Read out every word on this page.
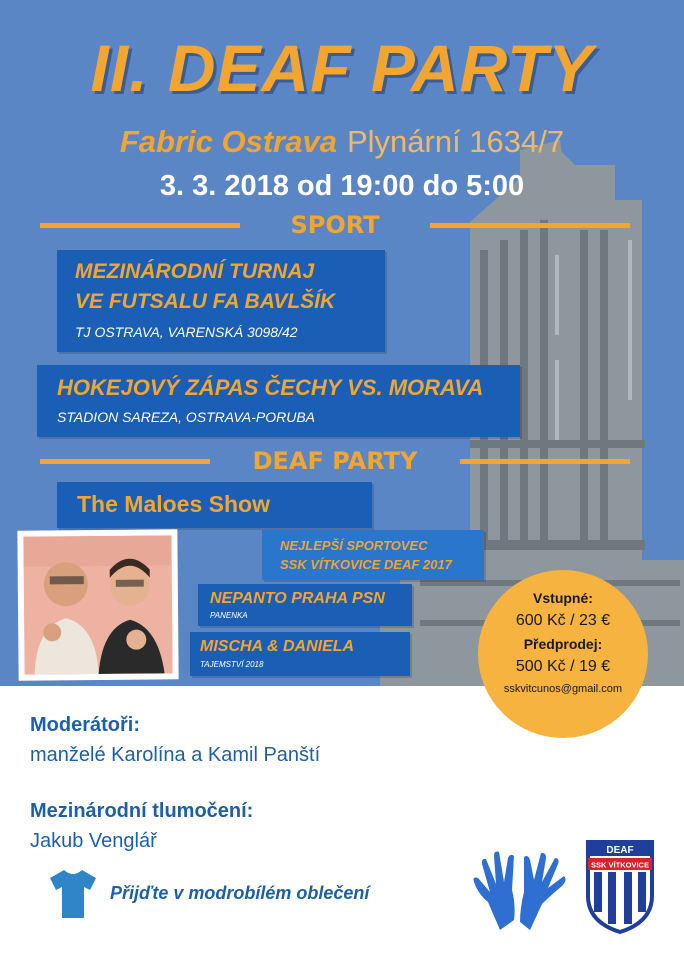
II. DEAF PARTY
Fabric Ostrava Plynární 1634/7
3. 3. 2018 od 19:00 do 5:00
SPORT
MEZINÁRODNÍ TURNAJ
VE FUTSALU FA BAVLŠÍK
TJ OSTRAVA, VARENSKÁ 3098/42
HOKEJOVÝ ZÁPAS ČECHY VS. MORAVA
STADION SAREZA, OSTRAVA-PORUBA
DEAF PARTY
The Maloes Show
NEJLEPŠÍ SPORTOVEC
SSK VÍTKOVICE DEAF 2017
NEPANTO PRAHA PSN
PANENKA
MISCHA & DANIELA
TAJEMSTVÍ 2018
Vstupné:
600 Kč / 23 €
Předprodej:
500 Kč / 19 €
sskvitcunos@gmail.com
Moderátoři:
manželé Karolína a Kamil Panští
Mezinárodní tlumočení:
Jakub Venglář
Přijďte v modrobílém oblečení
DEAF
SSK VÍTKOVICE
